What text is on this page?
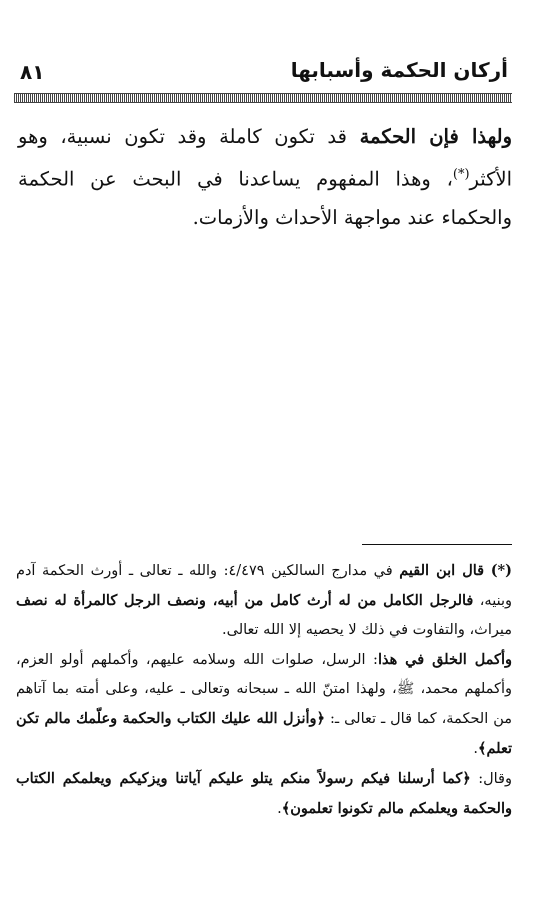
٨١	أركان الحكمة وأسبابها
ولهذا فإن الحكمة قد تكون كاملة وقد تكون نسبية، وهو الأكثر(*)، وهذا المفهوم يساعدنا في البحث عن الحكمة والحكماء عند مواجهة الأحداث والأزمات.

(*) قال ابن القيم في مدارج السالكين ٤/٤٧٩: والله ـ تعالى ـ أورث الحكمة آدم وبنيه، فالرجل الكامل من له أرث كامل من أبيه، ونصف الرجل كالمرأة له نصف ميراث، والتفاوت في ذلك لا يحصيه إلا الله تعالى.

وأكمل الخلق في هذا: الرسل، صلوات الله وسلامه عليهم، وأكملهم أولو العزم، وأكملهم محمد، ﷺ، ولهذا امتنّ الله ـ سبحانه وتعالى ـ عليه، وعلى أمته بما آتاهم من الحكمة، كما قال ـ تعالى ـ: ﴿وأنزل الله عليك الكتاب والحكمة وعلّمك مالم تكن تعلم﴾.

وقال: ﴿كما أرسلنا فيكم رسولاً منكم يتلو عليكم آياتنا ويزكيكم ويعلمكم الكتاب والحكمة ويعلمكم مالم تكونوا تعلمون﴾.
